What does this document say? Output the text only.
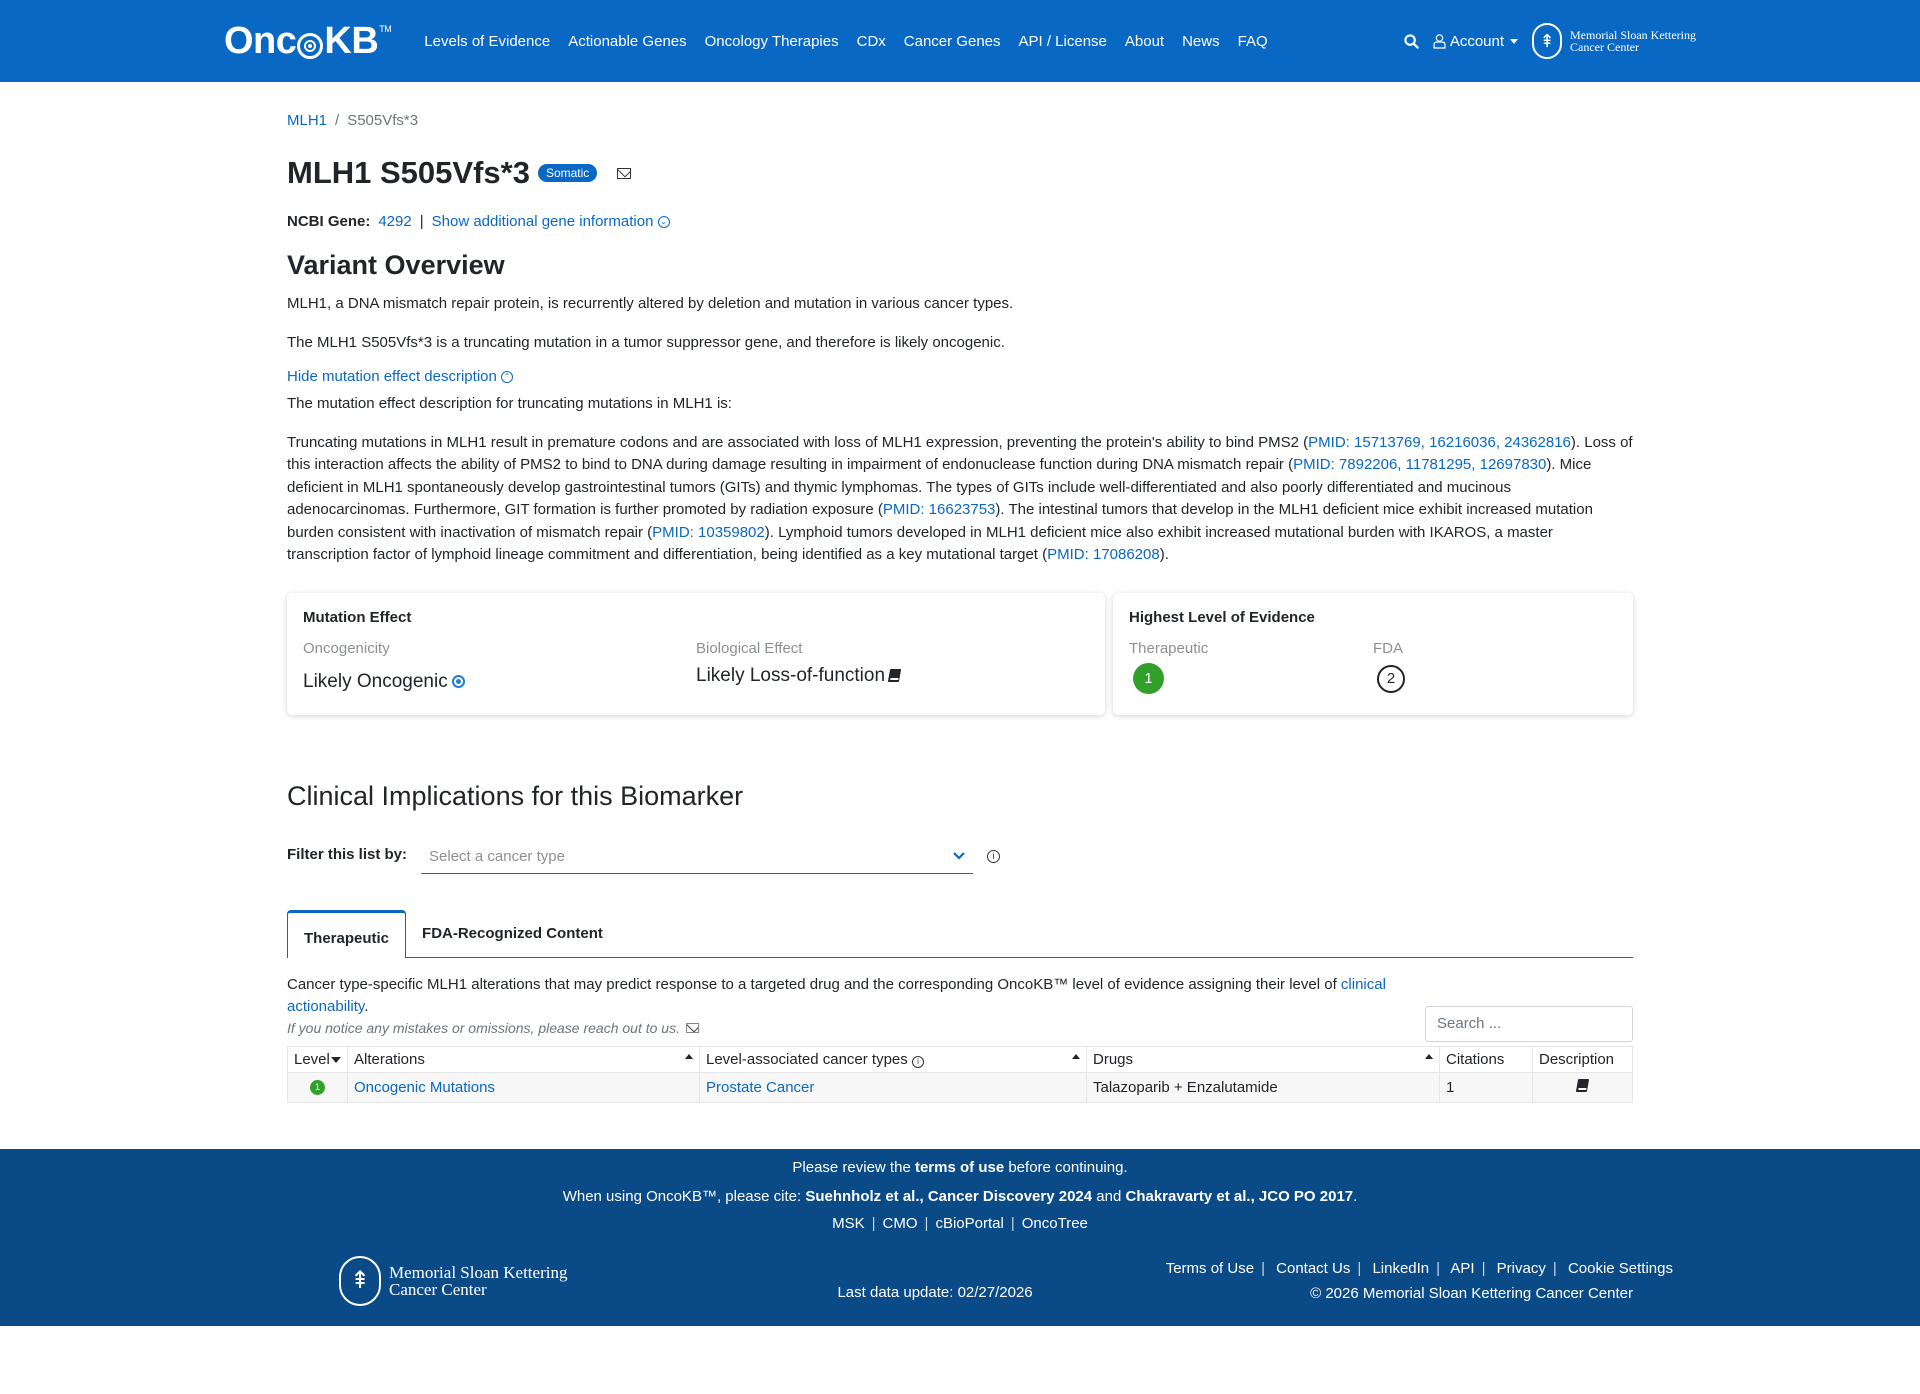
Onc KB TM
Levels of Evidence	Actionable Genes	Oncology Therapies	CDx	Cancer Genes	API / License	About	News	FAQ	Account	⇞	Memorial Sloan Kettering
Cancer Center
MLH1 / S505Vfs*3
MLH1 S505Vfs*3	Somatic
NCBI Gene: 4292 | Show additional gene information ⌄
Variant Overview

MLH1, a DNA mismatch repair protein, is recurrently altered by deletion and mutation in various cancer types.

The MLH1 S505Vfs*3 is a truncating mutation in a tumor suppressor gene, and therefore is likely oncogenic.

Hide mutation effect description ⌃

The mutation effect description for truncating mutations in MLH1 is:

Truncating mutations in MLH1 result in premature codons and are associated with loss of MLH1 expression, preventing the protein's ability to bind PMS2 (PMID: 15713769, 16216036, 24362816). Loss of this interaction affects the ability of PMS2 to bind to DNA during damage resulting in impairment of endonuclease function during DNA mismatch repair (PMID: 7892206, 11781295, 12697830). Mice deficient in MLH1 spontaneously develop gastrointestinal tumors (GITs) and thymic lymphomas. The types of GITs include well-differentiated and also poorly differentiated and mucinous adenocarcinomas. Furthermore, GIT formation is further promoted by radiation exposure (PMID: 16623753). The intestinal tumors that develop in the MLH1 deficient mice exhibit increased mutation burden consistent with inactivation of mismatch repair (PMID: 10359802). Lymphoid tumors developed in MLH1 deficient mice also exhibit increased mutational burden with IKAROS, a master transcription factor of lymphoid lineage commitment and differentiation, being identified as a key mutational target (PMID: 17086208).

Mutation Effect
Oncogenicity
Likely Oncogenic
Biological Effect
Likely Loss-of-function
Highest Level of Evidence
Therapeutic
1
FDA
2
Clinical Implications for this Biomarker
Filter this list by: Select a cancer type	i
Therapeutic	FDA-Recognized Content
Cancer type-specific MLH1 alterations that may predict response to a targeted drug and the corresponding OncoKB™ level of evidence assigning their level of clinical actionability.
If you notice any mistakes or omissions, please reach out to us.	Search ...
Level	Alterations	Level-associated cancer types i	Drugs	Citations	Description

1	Oncogenic Mutations	Prostate Cancer	Talazoparib + Enzalutamide	1	
Please review the terms of use before continuing.
When using OncoKB™, please cite: Suehnholz et al., Cancer Discovery 2024 and Chakravarty et al., JCO PO 2017.
MSK | CMO | cBioPortal | OncoTree
⇞	Memorial Sloan Kettering
Cancer Center	Last data update: 02/27/2026
Terms of Use | Contact Us | LinkedIn | API | Privacy | Cookie Settings
© 2026 Memorial Sloan Kettering Cancer Center
